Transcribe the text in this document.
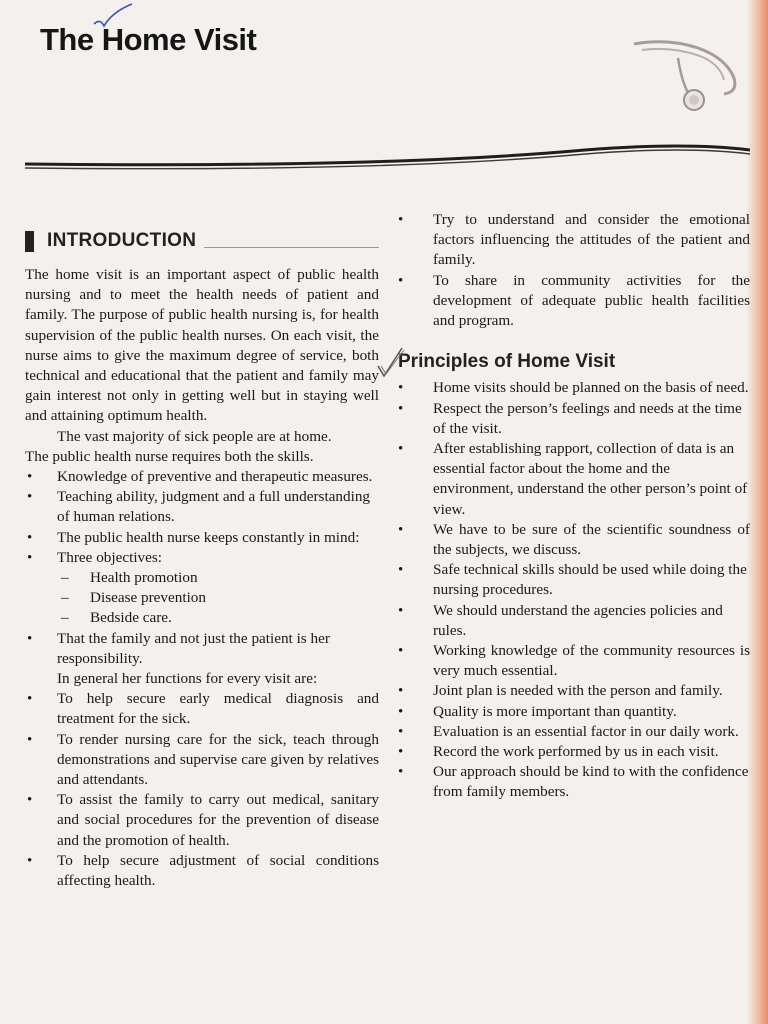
The Home Visit
INTRODUCTION

The home visit is an important aspect of public health nursing and to meet the health needs of patient and family. The purpose of public health nursing is, for health supervision of the public health nurses. On each visit, the nurse aims to give the maximum degree of service, both technical and educational that the patient and family may gain interest not only in getting well but in staying well and attaining optimum health.

The vast majority of sick people are at home.

The public health nurse requires both the skills.

• Knowledge of preventive and therapeutic measures.
• Teaching ability, judgment and a full understanding of human relations.
• The public health nurse keeps constantly in mind:
• Three objectives:
– Health promotion
– Disease prevention
– Bedside care.
• That the family and not just the patient is her responsibility.

In general her functions for every visit are:

• To help secure early medical diagnosis and treatment for the sick.
• To render nursing care for the sick, teach through demonstrations and supervise care given by relatives and attendants.
• To assist the family to carry out medical, sanitary and social procedures for the prevention of disease and the promotion of health.
• To help secure adjustment of social conditions affecting health.
• Try to understand and consider the emotional factors influencing the attitudes of the patient and family.
• To share in community activities for the development of adequate public health facilities and program.
Principles of Home Visit
• Home visits should be planned on the basis of need.
• Respect the person’s feelings and needs at the time of the visit.
• After establishing rapport, collection of data is an essential factor about the home and the environment, understand the other person’s point of view.
• We have to be sure of the scientific soundness of the subjects, we discuss.
• Safe technical skills should be used while doing the nursing procedures.
• We should understand the agencies policies and rules.
• Working knowledge of the community resources is very much essential.
• Joint plan is needed with the person and family.
• Quality is more important than quantity.
• Evaluation is an essential factor in our daily work.
• Record the work performed by us in each visit.
• Our approach should be kind to with the confidence from family members.
